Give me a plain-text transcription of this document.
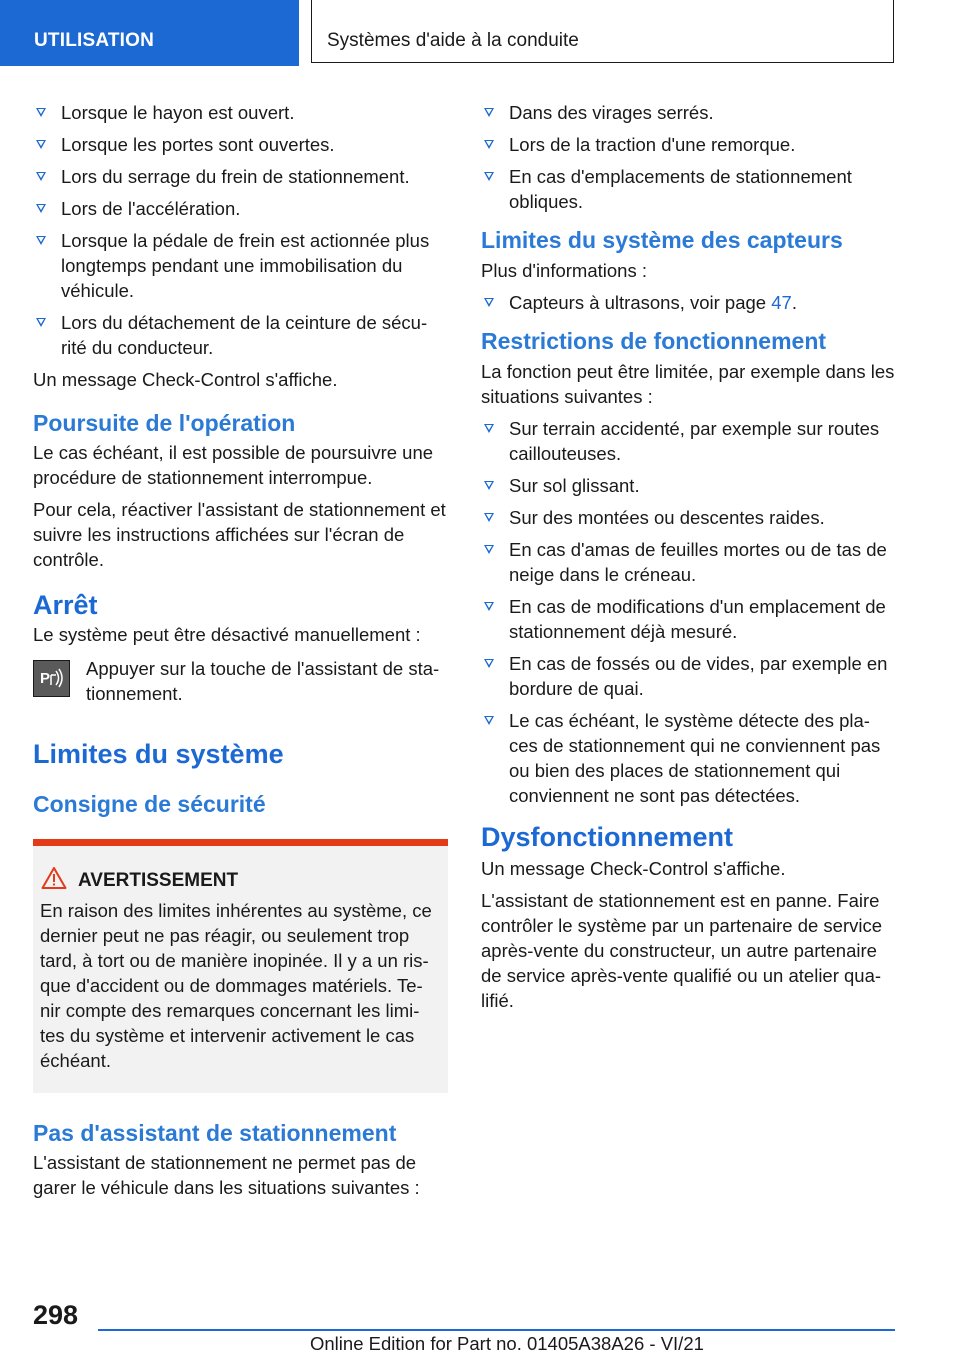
UTILISATION	Systèmes d'aide à la conduite
Lorsque le hayon est ouvert.
Lorsque les portes sont ouvertes.
Lors du serrage du frein de stationnement.
Lors de l'accélération.
Lorsque la pédale de frein est actionnée plus longtemps pendant une immobilisation du véhicule.
Lors du détachement de la ceinture de sécu-rité du conducteur.

Un message Check-Control s'affiche.

Poursuite de l'opération

Le cas échéant, il est possible de poursuivre une procédure de stationnement interrompue.

Pour cela, réactiver l'assistant de stationnement et suivre les instructions affichées sur l'écran de contrôle.

Arrêt

Le système peut être désactivé manuellement :

P Appuyer sur la touche de l'assistant de sta-tionnement.

Limites du système
Consigne de sécurité
AVERTISSEMENT

En raison des limites inhérentes au système, ce dernier peut ne pas réagir, ou seulement trop tard, à tort ou de manière inopinée. Il y a un ris-que d'accident ou de dommages matériels. Te-nir compte des remarques concernant les limi-tes du système et intervenir activement le cas échéant.

Pas d'assistant de stationnement

L'assistant de stationnement ne permet pas de garer le véhicule dans les situations suivantes :

Dans des virages serrés.
Lors de la traction d'une remorque.
En cas d'emplacements de stationnement obliques.
Limites du système des capteurs

Plus d'informations :

Capteurs à ultrasons, voir page 47.
Restrictions de fonctionnement

La fonction peut être limitée, par exemple dans les situations suivantes :

Sur terrain accidenté, par exemple sur routes caillouteuses.
Sur sol glissant.
Sur des montées ou descentes raides.
En cas d'amas de feuilles mortes ou de tas de neige dans le créneau.
En cas de modifications d'un emplacement de stationnement déjà mesuré.
En cas de fossés ou de vides, par exemple en bordure de quai.
Le cas échéant, le système détecte des pla-ces de stationnement qui ne conviennent pas ou bien des places de stationnement qui conviennent ne sont pas détectées.
Dysfonctionnement

Un message Check-Control s'affiche.

L'assistant de stationnement est en panne. Faire contrôler le système par un partenaire de service après-vente du constructeur, un autre partenaire de service après-vente qualifié ou un atelier qua-lifié.

298
Online Edition for Part no. 01405A38A26 - VI/21
